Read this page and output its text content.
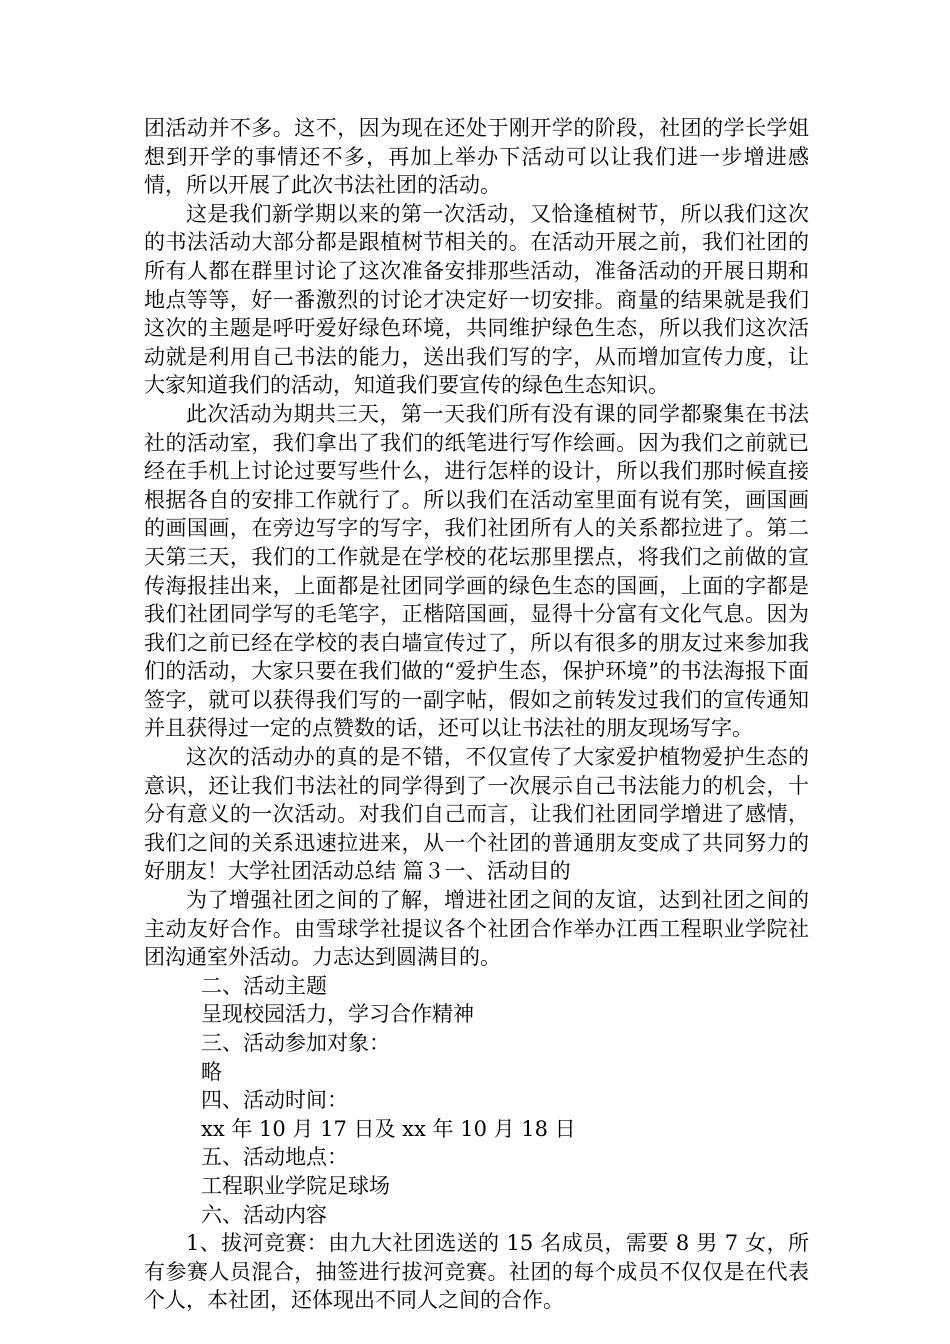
团活动并不多。这不，因为现在还处于刚开学的阶段，社团的学长学姐想到开学的事情还不多，再加上举办下活动可以让我们进一步增进感情，所以开展了此次书法社团的活动。

这是我们新学期以来的第一次活动，又恰逢植树节，所以我们这次的书法活动大部分都是跟植树节相关的。在活动开展之前，我们社团的所有人都在群里讨论了这次准备安排那些活动，准备活动的开展日期和地点等等，好一番激烈的讨论才决定好一切安排。商量的结果就是我们这次的主题是呼吁爱好绿色环境，共同维护绿色生态，所以我们这次活动就是利用自己书法的能力，送出我们写的字，从而增加宣传力度，让大家知道我们的活动，知道我们要宣传的绿色生态知识。

此次活动为期共三天，第一天我们所有没有课的同学都聚集在书法社的活动室，我们拿出了我们的纸笔进行写作绘画。因为我们之前就已经在手机上讨论过要写些什么，进行怎样的设计，所以我们那时候直接根据各自的安排工作就行了。所以我们在活动室里面有说有笑，画国画的画国画，在旁边写字的写字，我们社团所有人的关系都拉进了。第二天第三天，我们的工作就是在学校的花坛那里摆点，将我们之前做的宣传海报挂出来，上面都是社团同学画的绿色生态的国画，上面的字都是我们社团同学写的毛笔字，正楷陪国画，显得十分富有文化气息。因为我们之前已经在学校的表白墙宣传过了，所以有很多的朋友过来参加我们的活动，大家只要在我们做的“爱护生态，保护环境”的书法海报下面签字，就可以获得我们写的一副字帖，假如之前转发过我们的宣传通知并且获得过一定的点赞数的话，还可以让书法社的朋友现场写字。

这次的活动办的真的是不错，不仅宣传了大家爱护植物爱护生态的意识，还让我们书法社的同学得到了一次展示自己书法能力的机会，十分有意义的一次活动。对我们自己而言，让我们社团同学增进了感情，我们之间的关系迅速拉进来，从一个社团的普通朋友变成了共同努力的好朋友！大学社团活动总结 篇３一、活动目的

为了增强社团之间的了解，增进社团之间的友谊，达到社团之间的主动友好合作。由雪球学社提议各个社团合作举办江西工程职业学院社团沟通室外活动。力志达到圆满目的。

二、活动主题

呈现校园活力，学习合作精神

三、活动参加对象：

略

四、活动时间：

xx 年 10 月 17 日及 xx 年 10 月 18 日

五、活动地点：

工程职业学院足球场

六、活动内容

1、拔河竞赛：由九大社团选送的 15 名成员，需要 8 男 7 女，所有参赛人员混合，抽签进行拔河竞赛。社团的每个成员不仅仅是在代表个人，本社团，还体现出不同人之间的合作。
